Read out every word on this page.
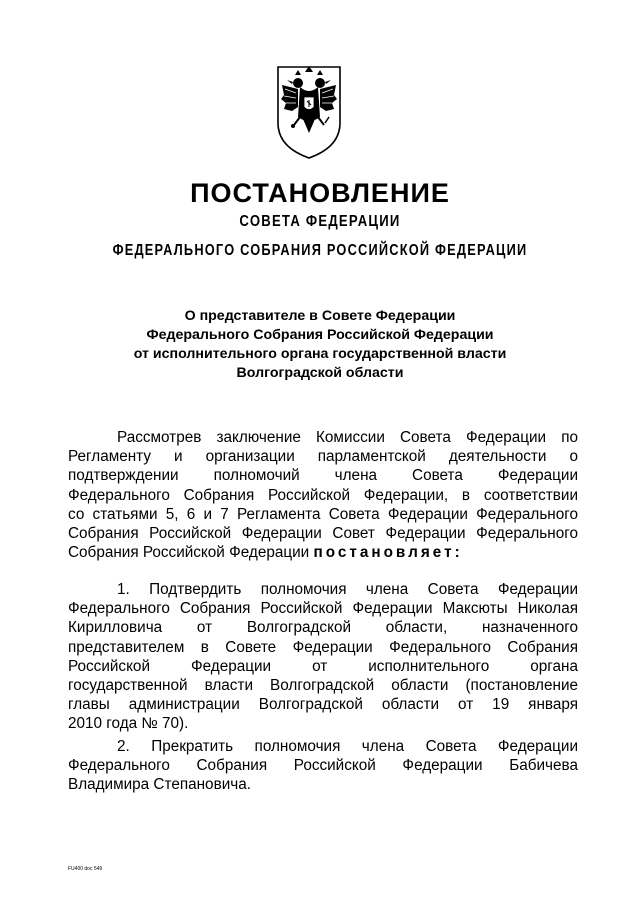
ПОСТАНОВЛЕНИЕ
СОВЕТА ФЕДЕРАЦИИ
ФЕДЕРАЛЬНОГО СОБРАНИЯ РОССИЙСКОЙ ФЕДЕРАЦИИ
О представителе в Совете Федерации
Федерального Собрания Российской Федерации
от исполнительного органа государственной власти
Волгоградской области
Рассмотрев заключение Комиссии Совета Федерации по
Регламенту и организации парламентской деятельности о
подтверждении полномочий члена Совета Федерации
Федерального Собрания Российской Федерации, в соответствии
со статьями 5, 6 и 7 Регламента Совета Федерации Федерального
Собрания Российской Федерации Совет Федерации Федерального
Собрания Российской Федерации постановляет:
1. Подтвердить полномочия члена Совета Федерации
Федерального Собрания Российской Федерации Максюты Николая
Кирилловича от Волгоградской области, назначенного
представителем в Совете Федерации Федерального Собрания
Российской Федерации от исполнительного органа
государственной власти Волгоградской области (постановление
главы администрации Волгоградской области от 19 января
2010 года № 70).
2. Прекратить полномочия члена Совета Федерации
Федерального Собрания Российской Федерации Бабичева
Владимира Степановича.
FU400 doc 549
